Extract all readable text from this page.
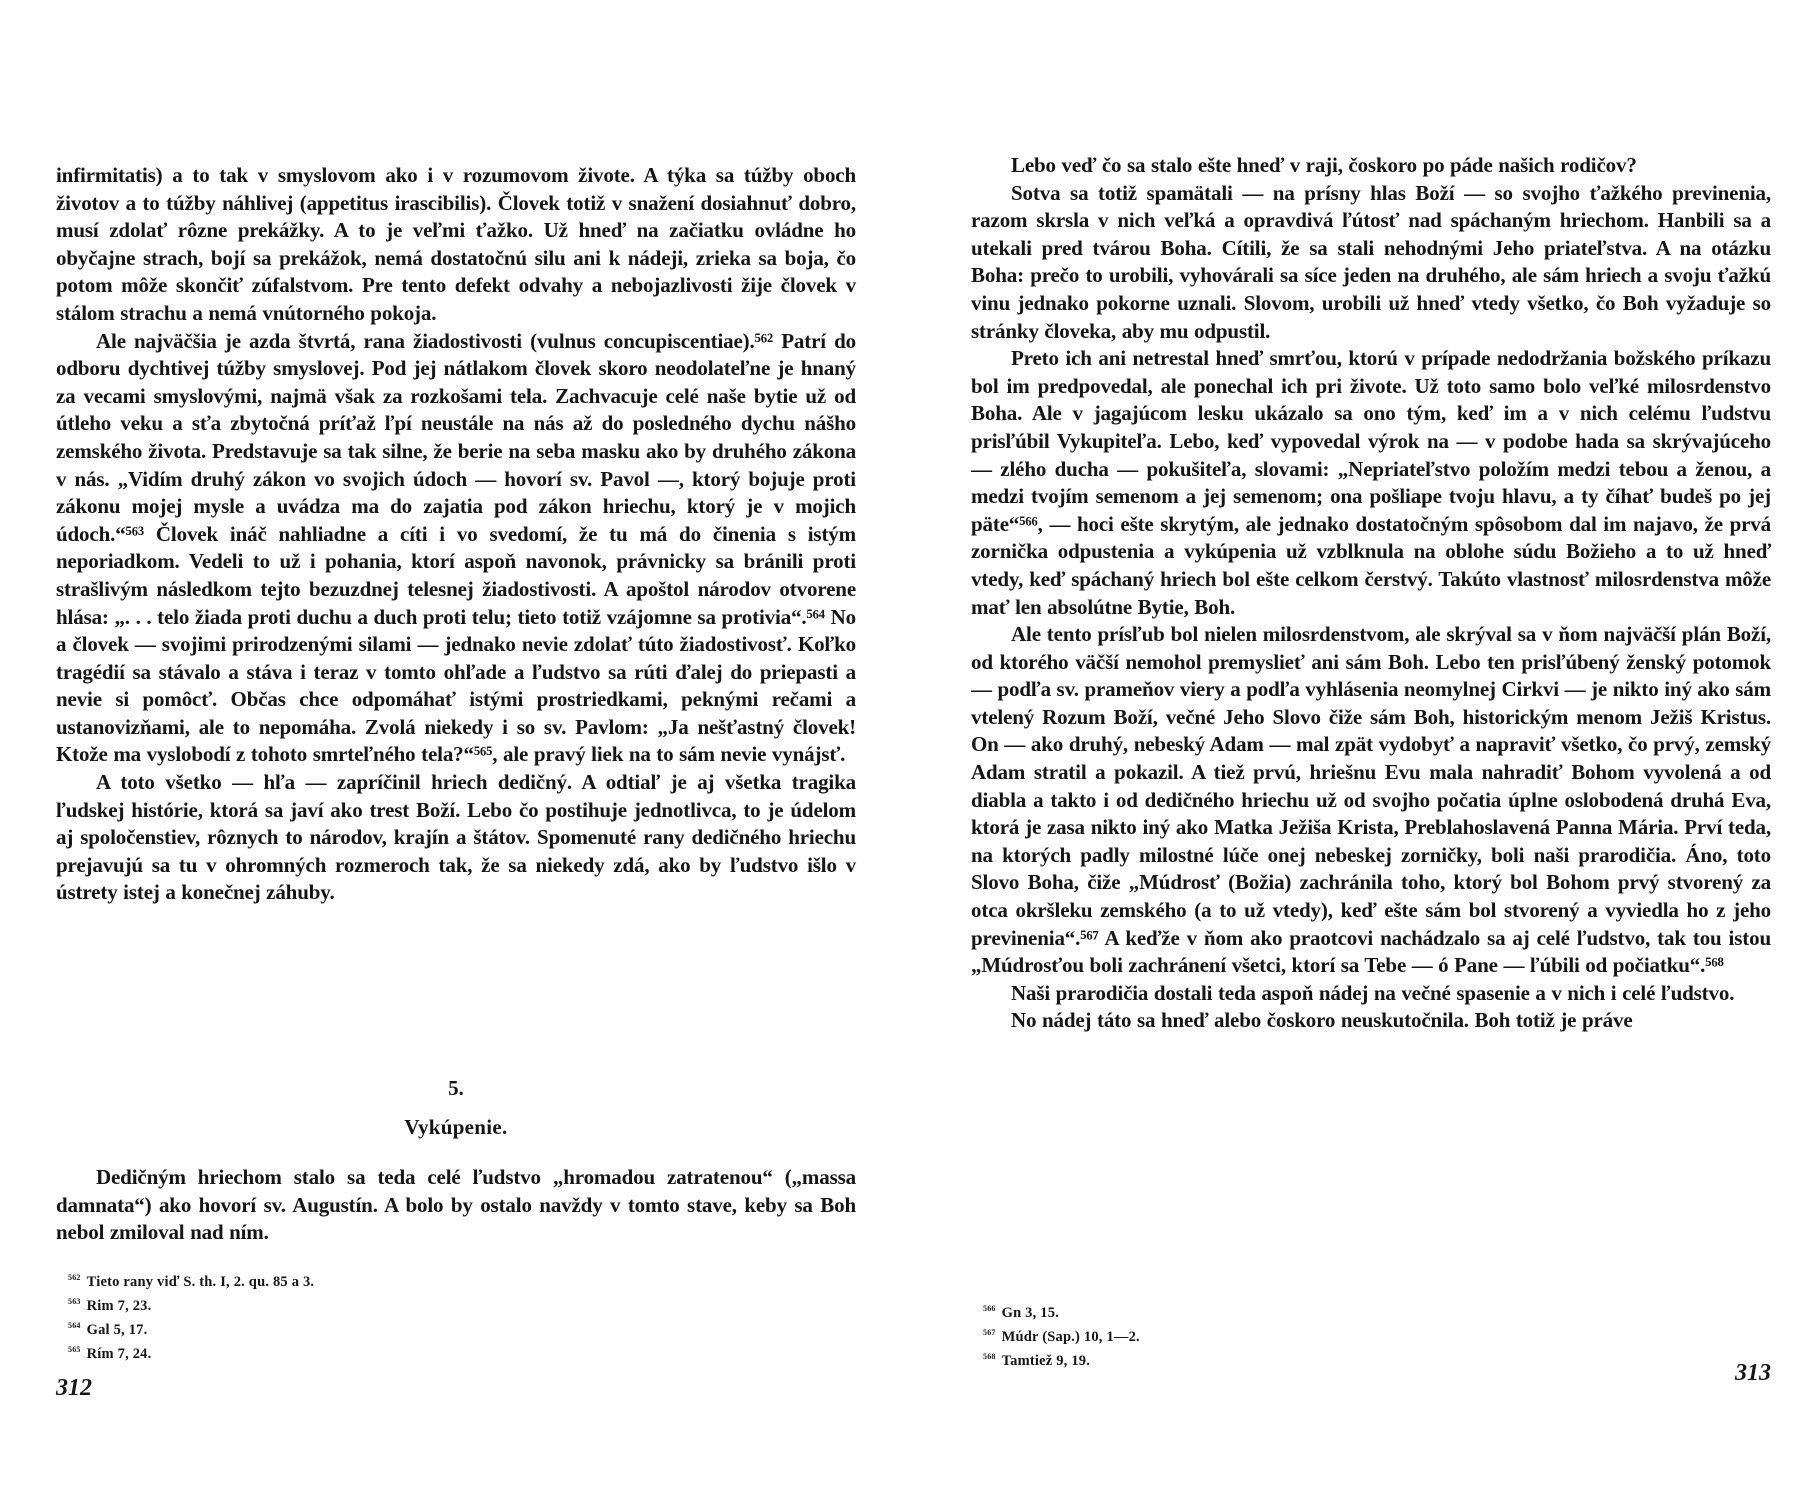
infirmitatis) a to tak v smyslovom ako i v rozumovom živote. A týka sa túžby oboch životov a to túžby náhlivej (appetitus irascibilis). Človek totiž v snažení dosiahnuť dobro, musí zdolať rôzne prekážky. A to je veľmi ťažko. Už hneď na začiatku ovládne ho obyčajne strach, bojí sa prekážok, nemá dostatočnú silu ani k nádeji, zrieka sa boja, čo potom môže skončiť zúfalstvom. Pre tento defekt odvahy a nebojazlivosti žije človek v stálom strachu a nemá vnútorného pokoja.

Ale najväčšia je azda štvrtá, rana žiadostivosti (vulnus concupiscentiae).⁵⁶² Patrí do odboru dychtivej túžby smyslovej. Pod jej nátlakom človek skoro neodolateľne je hnaný za vecami smyslovými, najmä však za rozkošami tela. Zachvacuje celé naše bytie už od útleho veku a sťa zbytočná príťaž ľpí neustále na nás až do posledného dychu nášho zemského života. Predstavuje sa tak silne, že berie na seba masku ako by druhého zákona v nás. „Vidím druhý zákon vo svojich údoch — hovorí sv. Pavol —, ktorý bojuje proti zákonu mojej mysle a uvádza ma do zajatia pod zákon hriechu, ktorý je v mojich údoch.“⁵⁶³ Človek ináč nahliadne a cíti i vo svedomí, že tu má do činenia s istým neporiadkom. Vedeli to už i pohania, ktorí aspoň navonok, právnicky sa bránili proti strašlivým následkom tejto bezuzdnej telesnej žiadostivosti. A apoštol národov otvorene hlása: „. . . telo žiada proti duchu a duch proti telu; tieto totiž vzájomne sa protivia“.⁵⁶⁴ No a človek — svojimi prirodzenými silami — jednako nevie zdolať túto žiadostivosť. Koľko tragédií sa stávalo a stáva i teraz v tomto ohľade a ľudstvo sa rúti ďalej do priepasti a nevie si pomôcť. Občas chce odpomáhať istými prostriedkami, peknými rečami a ustanovizňami, ale to nepomáha. Zvolá niekedy i so sv. Pavlom: „Ja nešťastný človek! Ktože ma vyslobodí z tohoto smrteľného tela?“⁵⁶⁵, ale pravý liek na to sám nevie vynájsť.

A toto všetko — hľa — zapríčinil hriech dedičný. A odtiaľ je aj všetka tragika ľudskej histórie, ktorá sa javí ako trest Boží. Lebo čo postihuje jednotlivca, to je údelom aj spoločenstiev, rôznych to národov, krajín a štátov. Spomenuté rany dedičného hriechu prejavujú sa tu v ohromných rozmeroch tak, že sa niekedy zdá, ako by ľudstvo išlo v ústrety istej a konečnej záhuby.

5.
Vykúpenie.

Dedičným hriechom stalo sa teda celé ľudstvo „hromadou zatratenou“ („massa damnata“) ako hovorí sv. Augustín. A bolo by ostalo navždy v tomto stave, keby sa Boh nebol zmiloval nad ním.

$^{562}$ Tieto rany viď S. th. I, 2. qu. 85 a 3.

$^{563}$ Rim 7, 23.

$^{564}$ Gal 5, 17.

$^{565}$ Rím 7, 24.

312

Lebo veď čo sa stalo ešte hneď v raji, čoskoro po páde našich rodičov?

Sotva sa totiž spamätali — na prísny hlas Boží — so svojho ťažkého previnenia, razom skrsla v nich veľká a opravdivá ľútosť nad spáchaným hriechom. Hanbili sa a utekali pred tvárou Boha. Cítili, že sa stali nehodnými Jeho priateľstva. A na otázku Boha: prečo to urobili, vyhovárali sa síce jeden na druhého, ale sám hriech a svoju ťažkú vinu jednako pokorne uznali. Slovom, urobili už hneď vtedy všetko, čo Boh vyžaduje so stránky človeka, aby mu odpustil.

Preto ich ani netrestal hneď smrťou, ktorú v prípade nedodržania božského príkazu bol im predpovedal, ale ponechal ich pri živote. Už toto samo bolo veľké milosrdenstvo Boha. Ale v jagajúcom lesku ukázalo sa ono tým, keď im a v nich celému ľudstvu prisľúbil Vykupiteľa. Lebo, keď vypovedal výrok na — v podobe hada sa skrývajúceho — zlého ducha — pokušiteľa, slovami: „Nepriateľstvo položím medzi tebou a ženou, a medzi tvojím semenom a jej semenom; ona pošliape tvoju hlavu, a ty číhať budeš po jej päte“⁵⁶⁶, — hoci ešte skrytým, ale jednako dostatočným spôsobom dal im najavo, že prvá zornička odpustenia a vykúpenia už vzblknula na oblohe súdu Božieho a to už hneď vtedy, keď spáchaný hriech bol ešte celkom čerstvý. Takúto vlastnosť milosrdenstva môže mať len absolútne Bytie, Boh.

Ale tento prísľub bol nielen milosrdenstvom, ale skrýval sa v ňom najväčší plán Boží, od ktorého väčší nemohol premyslieť ani sám Boh. Lebo ten prisľúbený ženský potomok — podľa sv. prameňov viery a podľa vyhlásenia neomylnej Cirkvi — je nikto iný ako sám vtelený Rozum Boží, večné Jeho Slovo čiže sám Boh, historickým menom Ježiš Kristus. On — ako druhý, nebeský Adam — mal zpät vydobyť a napraviť všetko, čo prvý, zemský Adam stratil a pokazil. A tiež prvú, hriešnu Evu mala nahradiť Bohom vyvolená a od diabla a takto i od dedičného hriechu už od svojho počatia úplne oslobodená druhá Eva, ktorá je zasa nikto iný ako Matka Ježiša Krista, Preblahoslavená Panna Mária. Prví teda, na ktorých padly milostné lúče onej nebeskej zorničky, boli naši prarodičia. Áno, toto Slovo Boha, čiže „Múdrosť (Božia) zachránila toho, ktorý bol Bohom prvý stvorený za otca okršleku zemského (a to už vtedy), keď ešte sám bol stvorený a vyviedla ho z jeho previnenia“.⁵⁶⁷ A keďže v ňom ako praotcovi nachádzalo sa aj celé ľudstvo, tak tou istou „Múdrosťou boli zachránení všetci, ktorí sa Tebe — ó Pane — ľúbili od počiatku“.⁵⁶⁸

Naši prarodičia dostali teda aspoň nádej na večné spasenie a v nich i celé ľudstvo.

No nádej táto sa hneď alebo čoskoro neuskutočnila. Boh totiž je práve

$^{566}$ Gn 3, 15.

$^{567}$ Múdr (Sap.) 10, 1—2.

$^{568}$ Tamtiež 9, 19.	313
